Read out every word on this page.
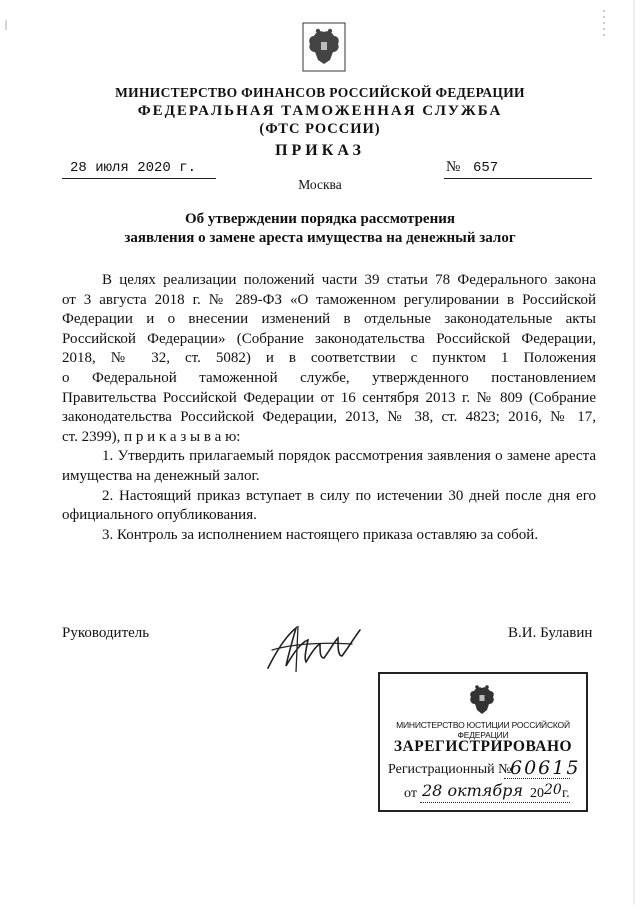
МИНИСТЕРСТВО ФИНАНСОВ РОССИЙСКОЙ ФЕДЕРАЦИИ
ФЕДЕРАЛЬНАЯ ТАМОЖЕННАЯ СЛУЖБА
(ФТС РОССИИ)
ПРИКАЗ
28 июля 2020 г.	№ 657
Москва
Об утверждении порядка рассмотрения
заявления о замене ареста имущества на денежный залог
В целях реализации положений части 39 статьи 78 Федерального закона
от 3 августа 2018 г. № 289-ФЗ «О таможенном регулировании в Российской
Федерации и о внесении изменений в отдельные законодательные акты
Российской Федерации» (Собрание законодательства Российской Федерации,
2018, № 32, ст. 5082) и в соответствии с пунктом 1 Положения
о Федеральной таможенной службе, утвержденного постановлением
Правительства Российской Федерации от 16 сентября 2013 г. № 809 (Собрание
законодательства Российской Федерации, 2013, № 38, ст. 4823; 2016, № 17,
ст. 2399), п р и к а з ы в а ю:
1. Утвердить прилагаемый порядок рассмотрения заявления о замене ареста
имущества на денежный залог.
2. Настоящий приказ вступает в силу по истечении 30 дней после дня его
официального опубликования.
3. Контроль за исполнением настоящего приказа оставляю за собой.
Руководитель	В.И. Булавин
МИНИСТЕРСТВО ЮСТИЦИИ РОССИЙСКОЙ ФЕДЕРАЦИИ
ЗАРЕГИСТРИРОВАНО
Регистрационный №
60615
от 28 октября 20 20 г.
